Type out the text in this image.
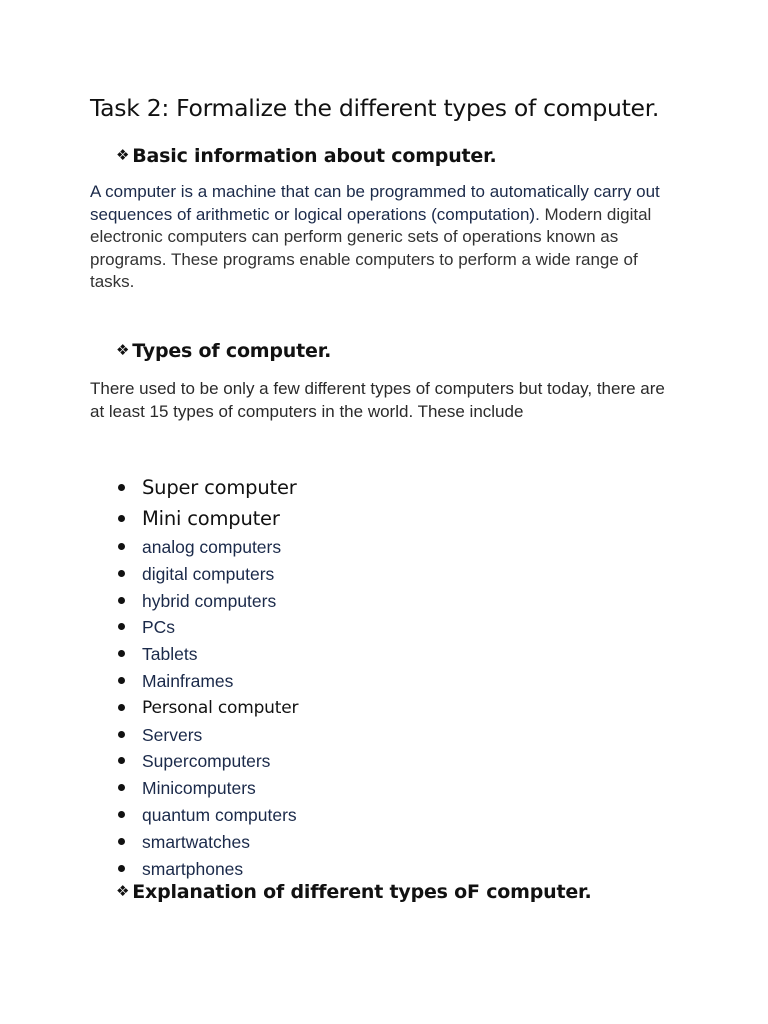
Task 2: Formalize the different types of computer.
❖ Basic information about computer.

A computer is a machine that can be programmed to automatically carry out sequences of arithmetic or logical operations (computation). Modern digital electronic computers can perform generic sets of operations known as programs. These programs enable computers to perform a wide range of tasks.

❖ Types of computer.

There used to be only a few different types of computers but today, there are at least 15 types of computers in the world. These include

Super computer
Mini computer
analog computers
digital computers
hybrid computers
PCs
Tablets
Mainframes
Personal computer
Servers
Supercomputers
Minicomputers
quantum computers
smartwatches
smartphones
❖ Explanation of different types oF computer.
